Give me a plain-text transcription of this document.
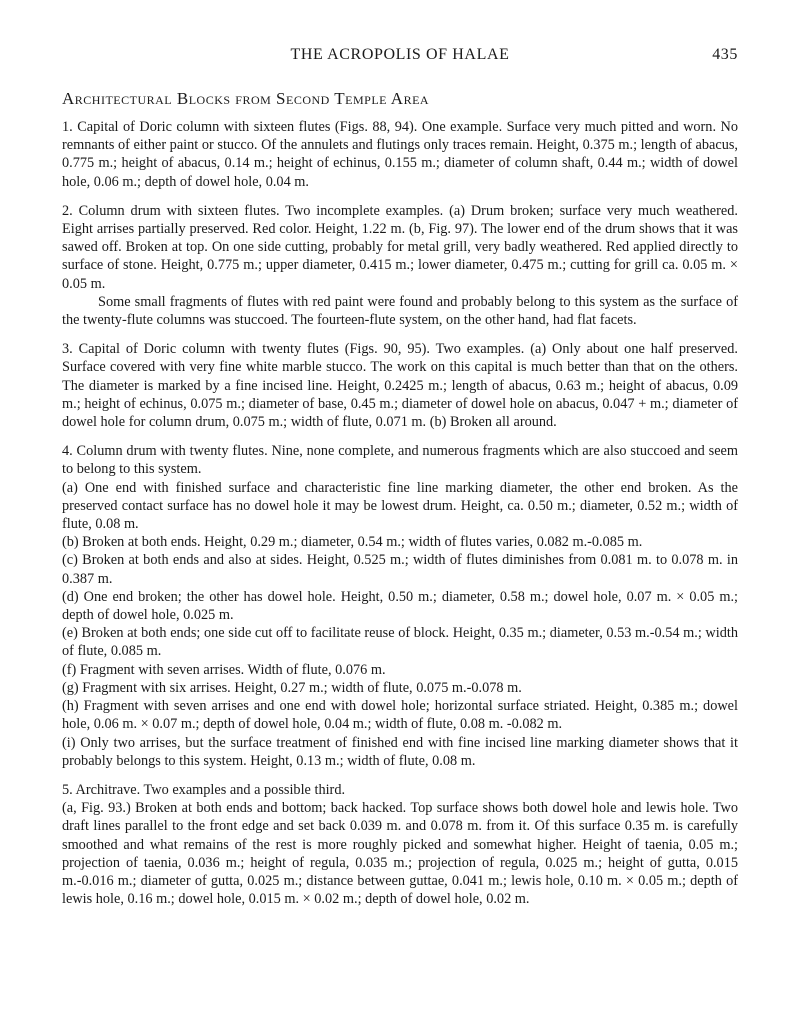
THE ACROPOLIS OF HALAE	435
Architectural Blocks from Second Temple Area

1. Capital of Doric column with sixteen flutes (Figs. 88, 94). One example. Surface very much pitted and worn. No remnants of either paint or stucco. Of the annulets and flutings only traces remain. Height, 0.375 m.; length of abacus, 0.775 m.; height of abacus, 0.14 m.; height of echinus, 0.155 m.; diameter of column shaft, 0.44 m.; width of dowel hole, 0.06 m.; depth of dowel hole, 0.04 m.

2. Column drum with sixteen flutes. Two incomplete examples. (a) Drum broken; surface very much weathered. Eight arrises partially preserved. Red color. Height, 1.22 m. (b, Fig. 97). The lower end of the drum shows that it was sawed off. Broken at top. On one side cutting, probably for metal grill, very badly weathered. Red applied directly to surface of stone. Height, 0.775 m.; upper diameter, 0.415 m.; lower diameter, 0.475 m.; cutting for grill ca. 0.05 m. × 0.05 m.

Some small fragments of flutes with red paint were found and probably belong to this system as the surface of the twenty-flute columns was stuccoed. The fourteen-flute system, on the other hand, had flat facets.

3. Capital of Doric column with twenty flutes (Figs. 90, 95). Two examples. (a) Only about one half preserved. Surface covered with very fine white marble stucco. The work on this capital is much better than that on the others. The diameter is marked by a fine incised line. Height, 0.2425 m.; length of abacus, 0.63 m.; height of abacus, 0.09 m.; height of echinus, 0.075 m.; diameter of base, 0.45 m.; diameter of dowel hole on abacus, 0.047 + m.; diameter of dowel hole for column drum, 0.075 m.; width of flute, 0.071 m. (b) Broken all around.

4. Column drum with twenty flutes. Nine, none complete, and numerous fragments which are also stuccoed and seem to belong to this system.

(a) One end with finished surface and characteristic fine line marking diameter, the other end broken. As the preserved contact surface has no dowel hole it may be lowest drum. Height, ca. 0.50 m.; diameter, 0.52 m.; width of flute, 0.08 m.

(b) Broken at both ends. Height, 0.29 m.; diameter, 0.54 m.; width of flutes varies, 0.082 m.-0.085 m.

(c) Broken at both ends and also at sides. Height, 0.525 m.; width of flutes diminishes from 0.081 m. to 0.078 m. in 0.387 m.

(d) One end broken; the other has dowel hole. Height, 0.50 m.; diameter, 0.58 m.; dowel hole, 0.07 m. × 0.05 m.; depth of dowel hole, 0.025 m.

(e) Broken at both ends; one side cut off to facilitate reuse of block. Height, 0.35 m.; diameter, 0.53 m.-0.54 m.; width of flute, 0.085 m.

(f) Fragment with seven arrises. Width of flute, 0.076 m.

(g) Fragment with six arrises. Height, 0.27 m.; width of flute, 0.075 m.-0.078 m.

(h) Fragment with seven arrises and one end with dowel hole; horizontal surface striated. Height, 0.385 m.; dowel hole, 0.06 m. × 0.07 m.; depth of dowel hole, 0.04 m.; width of flute, 0.08 m. -0.082 m.

(i) Only two arrises, but the surface treatment of finished end with fine incised line marking diameter shows that it probably belongs to this system. Height, 0.13 m.; width of flute, 0.08 m.

5. Architrave. Two examples and a possible third.

(a, Fig. 93.) Broken at both ends and bottom; back hacked. Top surface shows both dowel hole and lewis hole. Two draft lines parallel to the front edge and set back 0.039 m. and 0.078 m. from it. Of this surface 0.35 m. is carefully smoothed and what remains of the rest is more roughly picked and somewhat higher. Height of taenia, 0.05 m.; projection of taenia, 0.036 m.; height of regula, 0.035 m.; projection of regula, 0.025 m.; height of gutta, 0.015 m.-0.016 m.; diameter of gutta, 0.025 m.; distance between guttae, 0.041 m.; lewis hole, 0.10 m. × 0.05 m.; depth of lewis hole, 0.16 m.; dowel hole, 0.015 m. × 0.02 m.; depth of dowel hole, 0.02 m.
